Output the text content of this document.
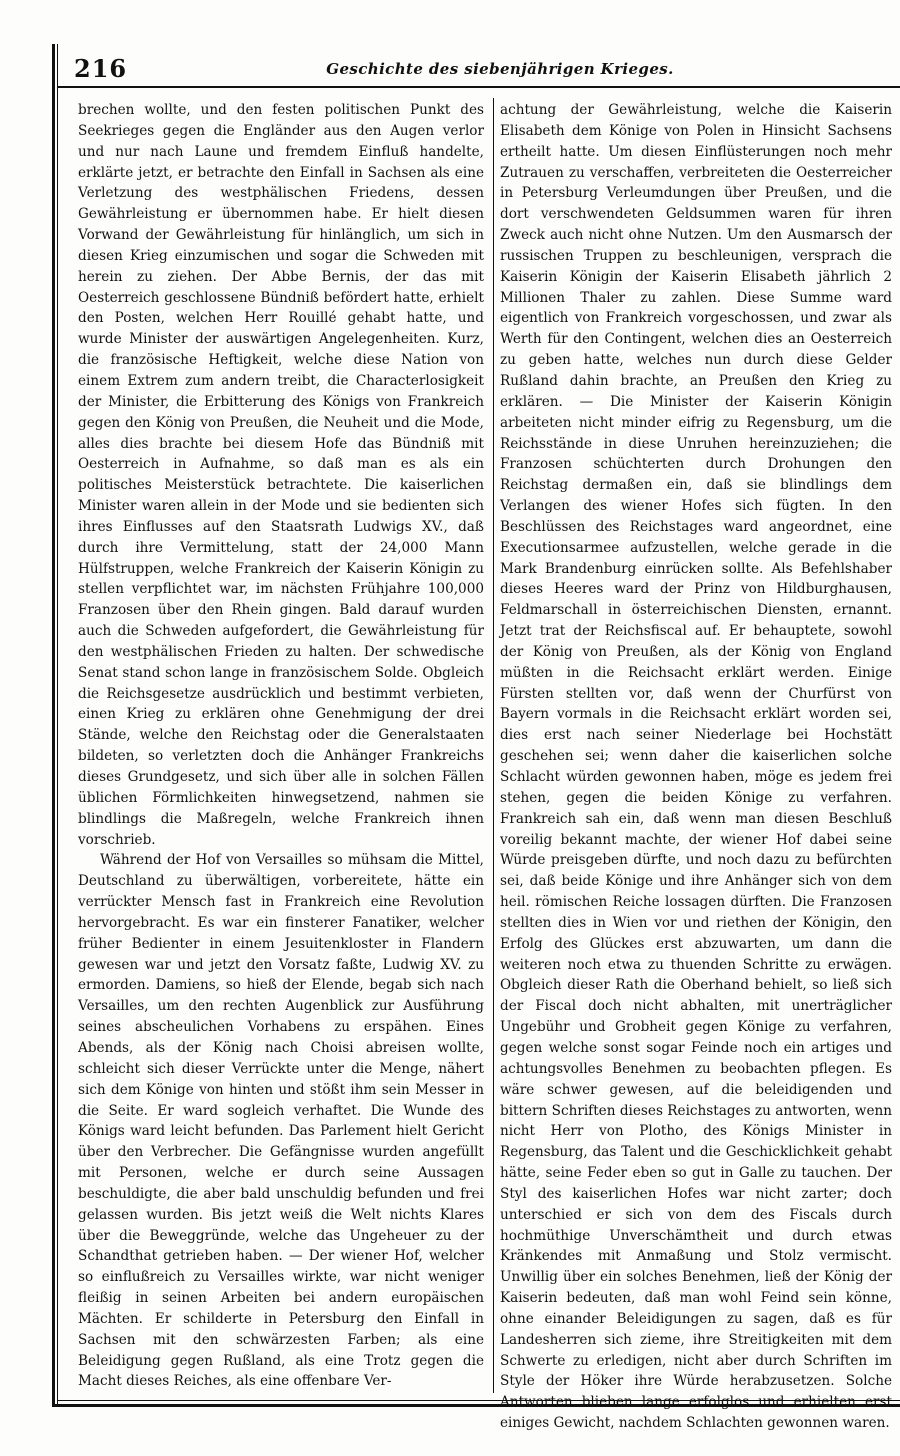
216	Geschichte des siebenjährigen Krieges.

brechen wollte, und den festen politischen Punkt des Seekrieges gegen die Engländer aus den Augen verlor und nur nach Laune und fremdem Einfluß handelte, erklärte jetzt, er betrachte den Einfall in Sachsen als eine Verletzung des westphälischen Friedens, dessen Gewährleistung er übernommen habe. Er hielt diesen Vorwand der Gewährleistung für hinlänglich, um sich in diesen Krieg einzumischen und sogar die Schweden mit herein zu ziehen. Der Abbe Bernis, der das mit Oesterreich geschlossene Bündniß befördert hatte, erhielt den Posten, welchen Herr Rouillé gehabt hatte, und wurde Minister der auswärtigen Angelegenheiten. Kurz, die französische Heftigkeit, welche diese Nation von einem Extrem zum andern treibt, die Characterlosigkeit der Minister, die Erbitterung des Königs von Frankreich gegen den König von Preußen, die Neuheit und die Mode, alles dies brachte bei diesem Hofe das Bündniß mit Oesterreich in Aufnahme, so daß man es als ein politisches Meisterstück betrachtete. Die kaiserlichen Minister waren allein in der Mode und sie bedienten sich ihres Einflusses auf den Staatsrath Ludwigs XV., daß durch ihre Vermittelung, statt der 24,000 Mann Hülfstruppen, welche Frankreich der Kaiserin Königin zu stellen verpflichtet war, im nächsten Frühjahre 100,000 Franzosen über den Rhein gingen. Bald darauf wurden auch die Schweden aufgefordert, die Gewährleistung für den westphälischen Frieden zu halten. Der schwedische Senat stand schon lange in französischem Solde. Obgleich die Reichsgesetze ausdrücklich und bestimmt verbieten, einen Krieg zu erklären ohne Genehmigung der drei Stände, welche den Reichstag oder die Generalstaaten bildeten, so verletzten doch die Anhänger Frankreichs dieses Grundgesetz, und sich über alle in solchen Fällen üblichen Förmlichkeiten hinwegsetzend, nahmen sie blindlings die Maßregeln, welche Frankreich ihnen vorschrieb.

Während der Hof von Versailles so mühsam die Mittel, Deutschland zu überwältigen, vorbereitete, hätte ein verrückter Mensch fast in Frankreich eine Revolution hervorgebracht. Es war ein finsterer Fanatiker, welcher früher Bedienter in einem Jesuitenkloster in Flandern gewesen war und jetzt den Vorsatz faßte, Ludwig XV. zu ermorden. Damiens, so hieß der Elende, begab sich nach Versailles, um den rechten Augenblick zur Ausführung seines abscheulichen Vorhabens zu erspähen. Eines Abends, als der König nach Choisi abreisen wollte, schleicht sich dieser Verrückte unter die Menge, nähert sich dem Könige von hinten und stößt ihm sein Messer in die Seite. Er ward sogleich verhaftet. Die Wunde des Königs ward leicht befunden. Das Parlement hielt Gericht über den Verbrecher. Die Gefängnisse wurden angefüllt mit Personen, welche er durch seine Aussagen beschuldigte, die aber bald unschuldig befunden und frei gelassen wurden. Bis jetzt weiß die Welt nichts Klares über die Beweggründe, welche das Ungeheuer zu der Schandthat getrieben haben. — Der wiener Hof, welcher so einflußreich zu Versailles wirkte, war nicht weniger fleißig in seinen Arbeiten bei andern europäischen Mächten. Er schilderte in Petersburg den Einfall in Sachsen mit den schwärzesten Farben; als eine Beleidigung gegen Rußland, als eine Trotz gegen die Macht dieses Reiches, als eine offenbare Ver-

achtung der Gewährleistung, welche die Kaiserin Elisabeth dem Könige von Polen in Hinsicht Sachsens ertheilt hatte. Um diesen Einflüsterungen noch mehr Zutrauen zu verschaffen, verbreiteten die Oesterreicher in Petersburg Verleumdungen über Preußen, und die dort verschwendeten Geldsummen waren für ihren Zweck auch nicht ohne Nutzen. Um den Ausmarsch der russischen Truppen zu beschleunigen, versprach die Kaiserin Königin der Kaiserin Elisabeth jährlich 2 Millionen Thaler zu zahlen. Diese Summe ward eigentlich von Frankreich vorgeschossen, und zwar als Werth für den Contingent, welchen dies an Oesterreich zu geben hatte, welches nun durch diese Gelder Rußland dahin brachte, an Preußen den Krieg zu erklären. — Die Minister der Kaiserin Königin arbeiteten nicht minder eifrig zu Regensburg, um die Reichsstände in diese Unruhen hereinzuziehen; die Franzosen schüchterten durch Drohungen den Reichstag dermaßen ein, daß sie blindlings dem Verlangen des wiener Hofes sich fügten. In den Beschlüssen des Reichstages ward angeordnet, eine Executionsarmee aufzustellen, welche gerade in die Mark Brandenburg einrücken sollte. Als Befehlshaber dieses Heeres ward der Prinz von Hildburghausen, Feldmarschall in österreichischen Diensten, ernannt. Jetzt trat der Reichsfiscal auf. Er behauptete, sowohl der König von Preußen, als der König von England müßten in die Reichsacht erklärt werden. Einige Fürsten stellten vor, daß wenn der Churfürst von Bayern vormals in die Reichsacht erklärt worden sei, dies erst nach seiner Niederlage bei Hochstätt geschehen sei; wenn daher die kaiserlichen solche Schlacht würden gewonnen haben, möge es jedem frei stehen, gegen die beiden Könige zu verfahren. Frankreich sah ein, daß wenn man diesen Beschluß voreilig bekannt machte, der wiener Hof dabei seine Würde preisgeben dürfte, und noch dazu zu befürchten sei, daß beide Könige und ihre Anhänger sich von dem heil. römischen Reiche lossagen dürften. Die Franzosen stellten dies in Wien vor und riethen der Königin, den Erfolg des Glückes erst abzuwarten, um dann die weiteren noch etwa zu thuenden Schritte zu erwägen. Obgleich dieser Rath die Oberhand behielt, so ließ sich der Fiscal doch nicht abhalten, mit unerträglicher Ungebühr und Grobheit gegen Könige zu verfahren, gegen welche sonst sogar Feinde noch ein artiges und achtungsvolles Benehmen zu beobachten pflegen. Es wäre schwer gewesen, auf die beleidigenden und bittern Schriften dieses Reichstages zu antworten, wenn nicht Herr von Plotho, des Königs Minister in Regensburg, das Talent und die Geschicklichkeit gehabt hätte, seine Feder eben so gut in Galle zu tauchen. Der Styl des kaiserlichen Hofes war nicht zarter; doch unterschied er sich von dem des Fiscals durch hochmüthige Unverschämtheit und durch etwas Kränkendes mit Anmaßung und Stolz vermischt. Unwillig über ein solches Benehmen, ließ der König der Kaiserin bedeuten, daß man wohl Feind sein könne, ohne einander Beleidigungen zu sagen, daß es für Landesherren sich zieme, ihre Streitigkeiten mit dem Schwerte zu erledigen, nicht aber durch Schriften im Style der Höker ihre Würde herabzusetzen. Solche Antworten blieben lange erfolglos und erhielten erst einiges Gewicht, nachdem Schlachten gewonnen waren.
